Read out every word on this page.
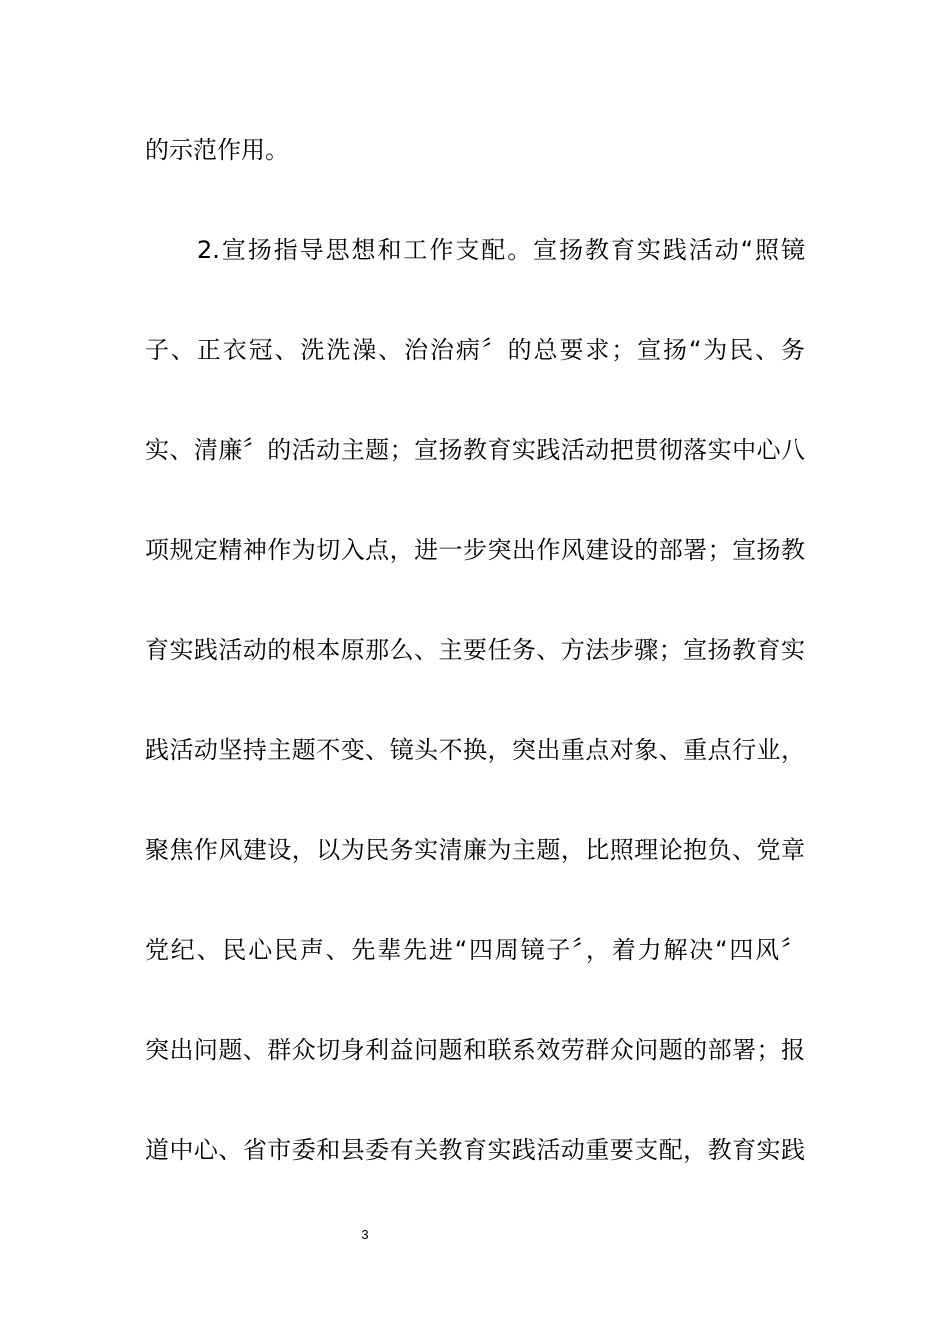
的示范作用。
2.宣扬指导思想和工作支配。宣扬教育实践活动“照镜
子、正衣冠、洗洗澡、治治病〞的总要求；宣扬“为民、务
实、清廉〞的活动主题；宣扬教育实践活动把贯彻落实中心八
项规定精神作为切入点，进一步突出作风建设的部署；宣扬教
育实践活动的根本原那么、主要任务、方法步骤；宣扬教育实
践活动坚持主题不变、镜头不换，突出重点对象、重点行业，
聚焦作风建设，以为民务实清廉为主题，比照理论抱负、党章
党纪、民心民声、先辈先进“四周镜子〞，着力解决“四风〞
突出问题、群众切身利益问题和联系效劳群众问题的部署；报
道中心、省市委和县委有关教育实践活动重要支配，教育实践
3
